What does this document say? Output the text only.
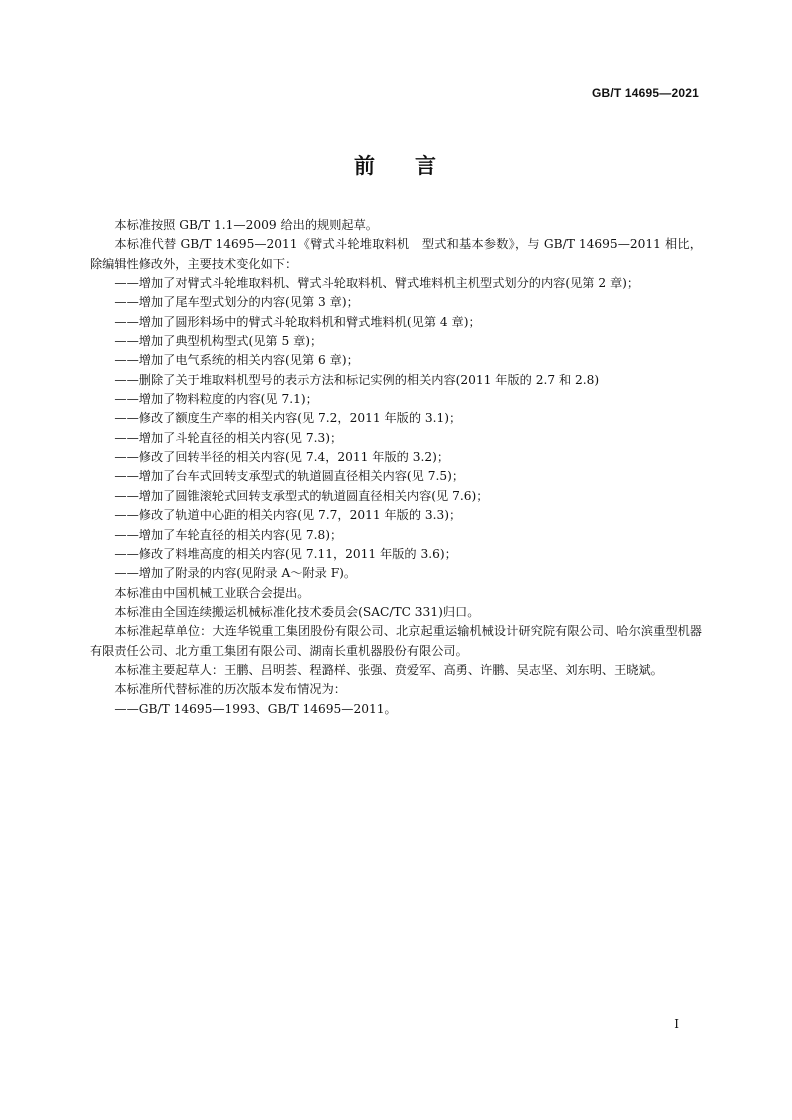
GB/T 14695—2021
前 言

本标准按照 GB/T 1.1—2009 给出的规则起草。

本标准代替 GB/T 14695—2011《臂式斗轮堆取料机　型式和基本参数》，与 GB/T 14695—2011 相比，除编辑性修改外，主要技术变化如下：

——增加了对臂式斗轮堆取料机、臂式斗轮取料机、臂式堆料机主机型式划分的内容(见第 2 章)；

——增加了尾车型式划分的内容(见第 3 章)；

——增加了圆形料场中的臂式斗轮取料机和臂式堆料机(见第 4 章)；

——增加了典型机构型式(见第 5 章)；

——增加了电气系统的相关内容(见第 6 章)；

——删除了关于堆取料机型号的表示方法和标记实例的相关内容(2011 年版的 2.7 和 2.8)

——增加了物料粒度的内容(见 7.1)；

——修改了额度生产率的相关内容(见 7.2，2011 年版的 3.1)；

——增加了斗轮直径的相关内容(见 7.3)；

——修改了回转半径的相关内容(见 7.4，2011 年版的 3.2)；

——增加了台车式回转支承型式的轨道圆直径相关内容(见 7.5)；

——增加了圆锥滚轮式回转支承型式的轨道圆直径相关内容(见 7.6)；

——修改了轨道中心距的相关内容(见 7.7，2011 年版的 3.3)；

——增加了车轮直径的相关内容(见 7.8)；

——修改了料堆高度的相关内容(见 7.11，2011 年版的 3.6)；

——增加了附录的内容(见附录 A～附录 F)。

本标准由中国机械工业联合会提出。

本标准由全国连续搬运机械标准化技术委员会(SAC/TC 331)归口。

本标准起草单位：大连华锐重工集团股份有限公司、北京起重运输机械设计研究院有限公司、哈尔滨重型机器有限责任公司、北方重工集团有限公司、湖南长重机器股份有限公司。

本标准主要起草人：王鹏、吕明荟、程潞样、张强、贲爱军、高勇、许鹏、吴志坚、刘东明、王晓斌。

本标准所代替标准的历次版本发布情况为：

——GB/T 14695—1993、GB/T 14695—2011。

I
